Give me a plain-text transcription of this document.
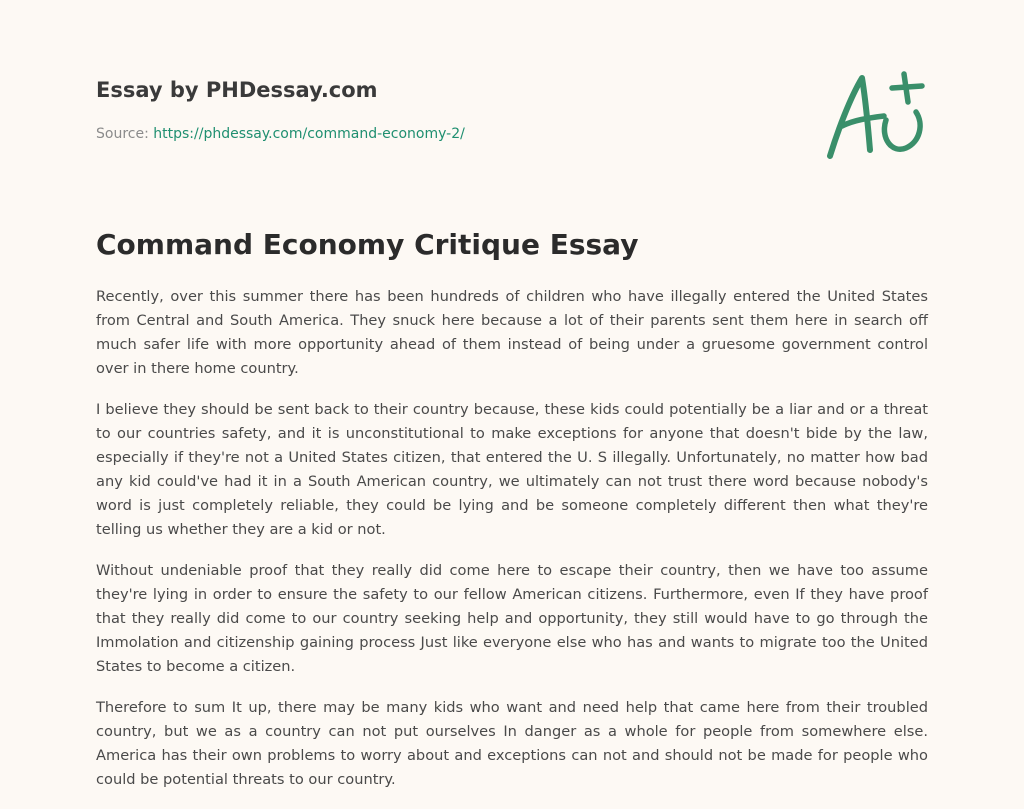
Essay by PHDessay.com
Source: https://phdessay.com/command-economy-2/
Command Economy Critique Essay

Recently, over this summer there has been hundreds of children who have illegally entered the United States from Central and South America. They snuck here because a lot of their parents sent them here in search off much safer life with more opportunity ahead of them instead of being under a gruesome government control over in there home country.

I believe they should be sent back to their country because, these kids could potentially be a liar and or a threat to our countries safety, and it is unconstitutional to make exceptions for anyone that doesn't bide by the law, especially if they're not a United States citizen, that entered the U. S illegally. Unfortunately, no matter how bad any kid could've had it in a South American country, we ultimately can not trust there word because nobody's word is just completely reliable, they could be lying and be someone completely different then what they're telling us whether they are a kid or not.

Without undeniable proof that they really did come here to escape their country, then we have too assume they're lying in order to ensure the safety to our fellow American citizens. Furthermore, even If they have proof that they really did come to our country seeking help and opportunity, they still would have to go through the Immolation and citizenship gaining process Just like everyone else who has and wants to migrate too the United States to become a citizen.

Therefore to sum It up, there may be many kids who want and need help that came here from their troubled country, but we as a country can not put ourselves In danger as a whole for people from somewhere else. America has their own problems to worry about and exceptions can not and should not be made for people who could be potential threats to our country.
